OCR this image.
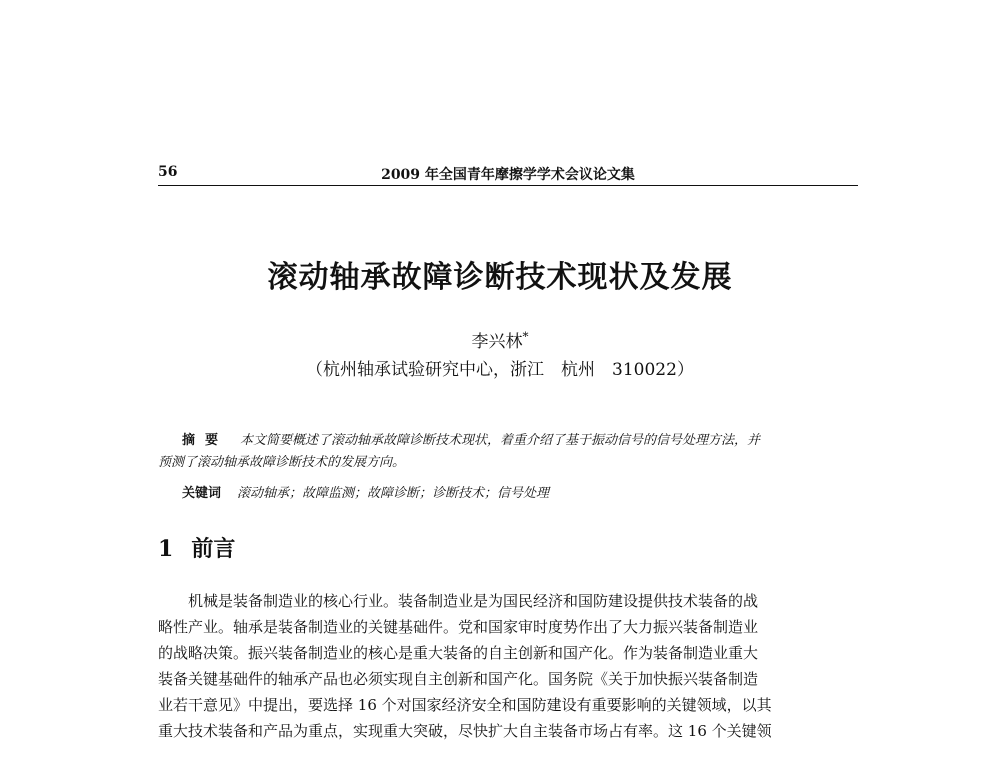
56	2009 年全国青年摩擦学学术会议论文集
滚动轴承故障诊断技术现状及发展
李兴林*
（杭州轴承试验研究中心，浙江　杭州　310022）
摘要 本文简要概述了滚动轴承故障诊断技术现状，着重介绍了基于振动信号的信号处理方法，并
预测了滚动轴承故障诊断技术的发展方向。
关键词 滚动轴承；故障监测；故障诊断；诊断技术；信号处理
1 前言
机械是装备制造业的核心行业。装备制造业是为国民经济和国防建设提供技术装备的战
略性产业。轴承是装备制造业的关键基础件。党和国家审时度势作出了大力振兴装备制造业
的战略决策。振兴装备制造业的核心是重大装备的自主创新和国产化。作为装备制造业重大
装备关键基础件的轴承产品也必须实现自主创新和国产化。国务院《关于加快振兴装备制造
业若干意见》中提出，要选择 16 个对国家经济安全和国防建设有重要影响的关键领域，以其
重大技术装备和产品为重点，实现重大突破，尽快扩大自主装备市场占有率。这 16 个关键领
